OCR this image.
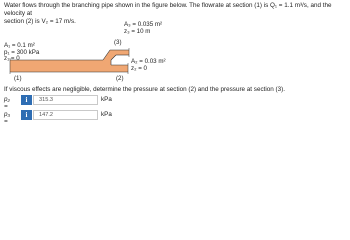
Water flows through the branching pipe shown in the figure below. The flowrate at section (1) is Q₁ = 1.1 m³/s, and the velocity at
section (2) is V₂ = 17 m/s.	A₃ = 0.035 m²
z₃ = 10 m
(3)
A₁ = 0.1 m²
p₁ = 300 kPa
z₁ = 0
(1)
A₂ = 0.03 m²
z₂ = 0
(2)
If viscous effects are negligible, determine the pressure at section (2) and the pressure at section (3).
p₂ =
i	315.3	kPa
p₃ =
i	147.2	kPa
